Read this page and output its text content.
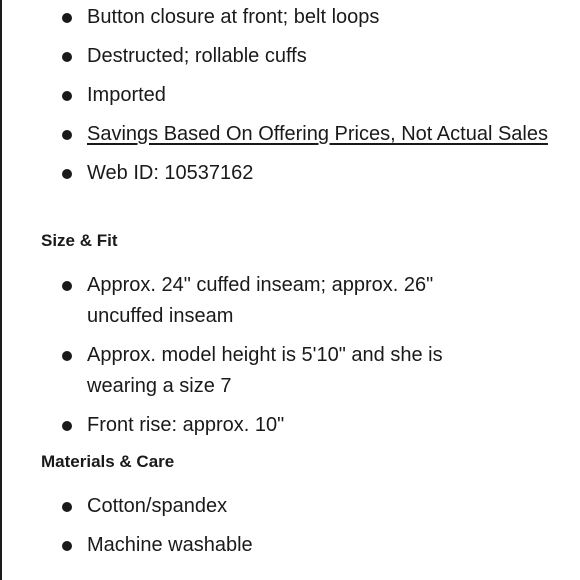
Button closure at front; belt loops
Destructed; rollable cuffs
Imported
Savings Based On Offering Prices, Not Actual Sales
Web ID: 10537162
Size & Fit
Approx. 24" cuffed inseam; approx. 26" uncuffed inseam
Approx. model height is 5'10" and she is wearing a size 7
Front rise: approx. 10"
Materials & Care
Cotton/spandex
Machine washable
